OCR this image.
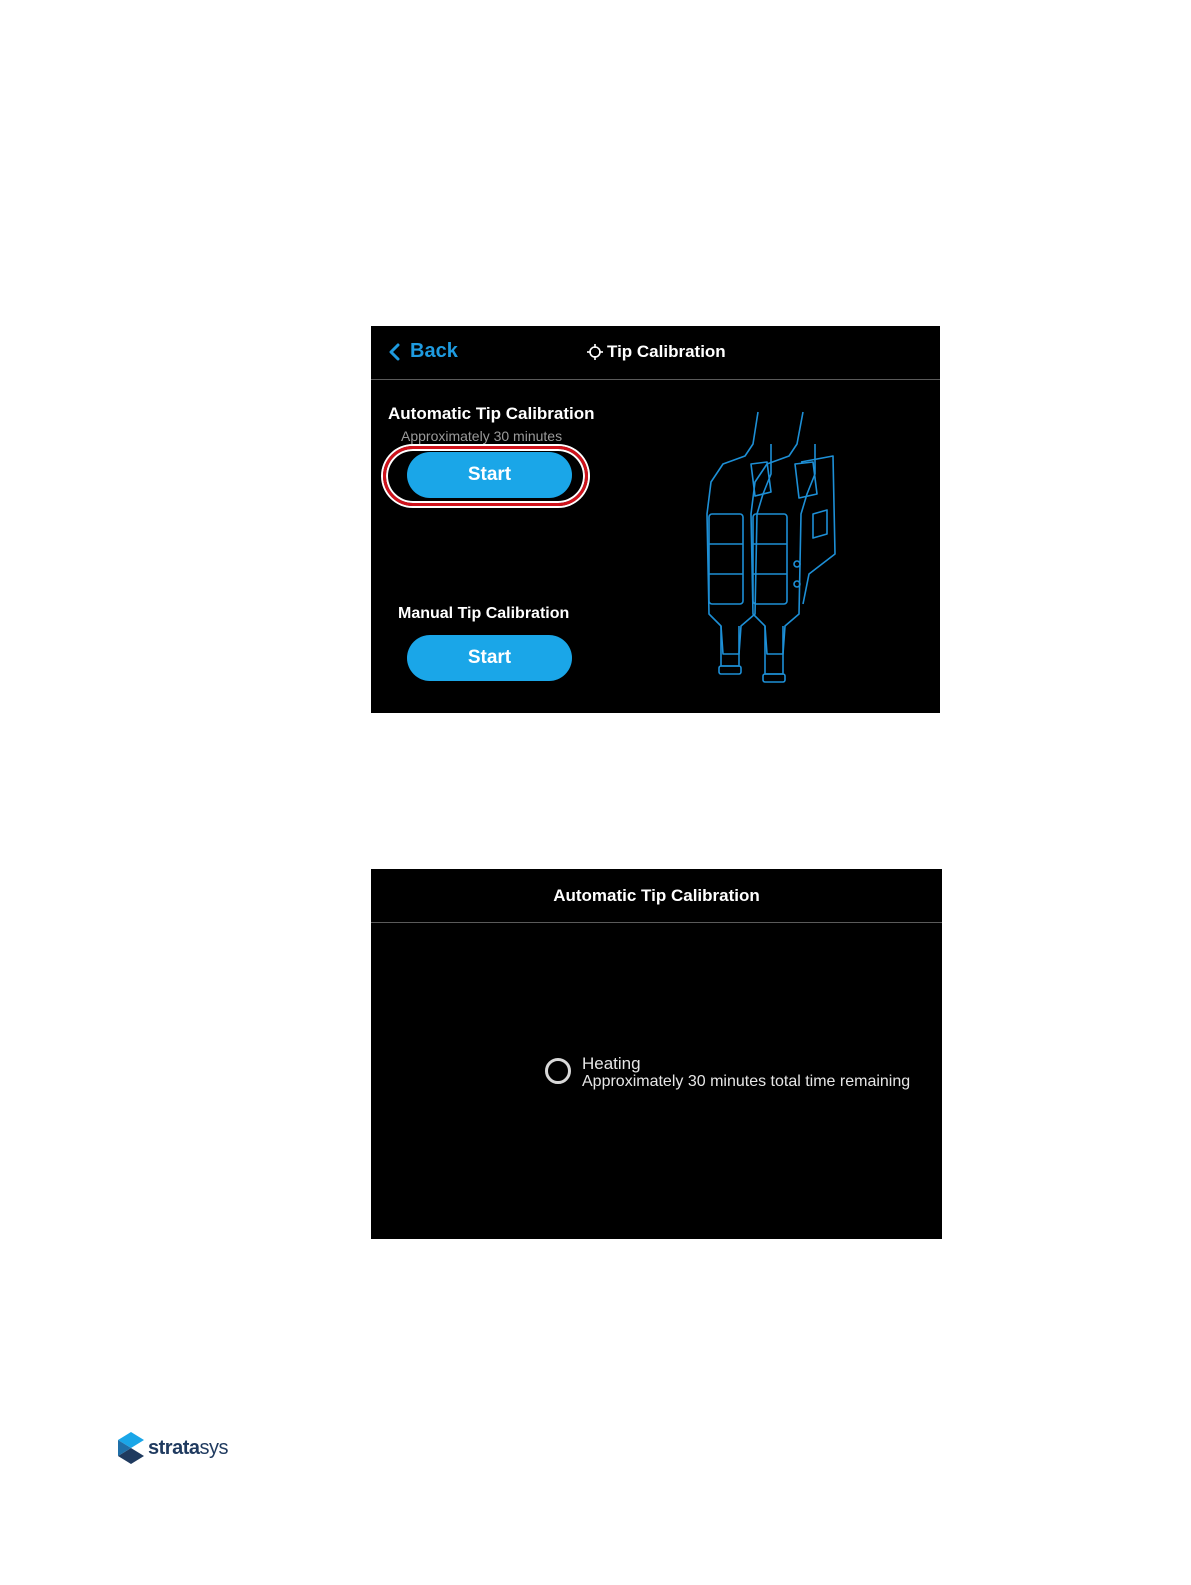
Back	Tip Calibration
Automatic Tip Calibration
Approximately 30 minutes
Start
Manual Tip Calibration
Start
Automatic Tip Calibration
Heating
Approximately 30 minutes total time remaining
stratasys
